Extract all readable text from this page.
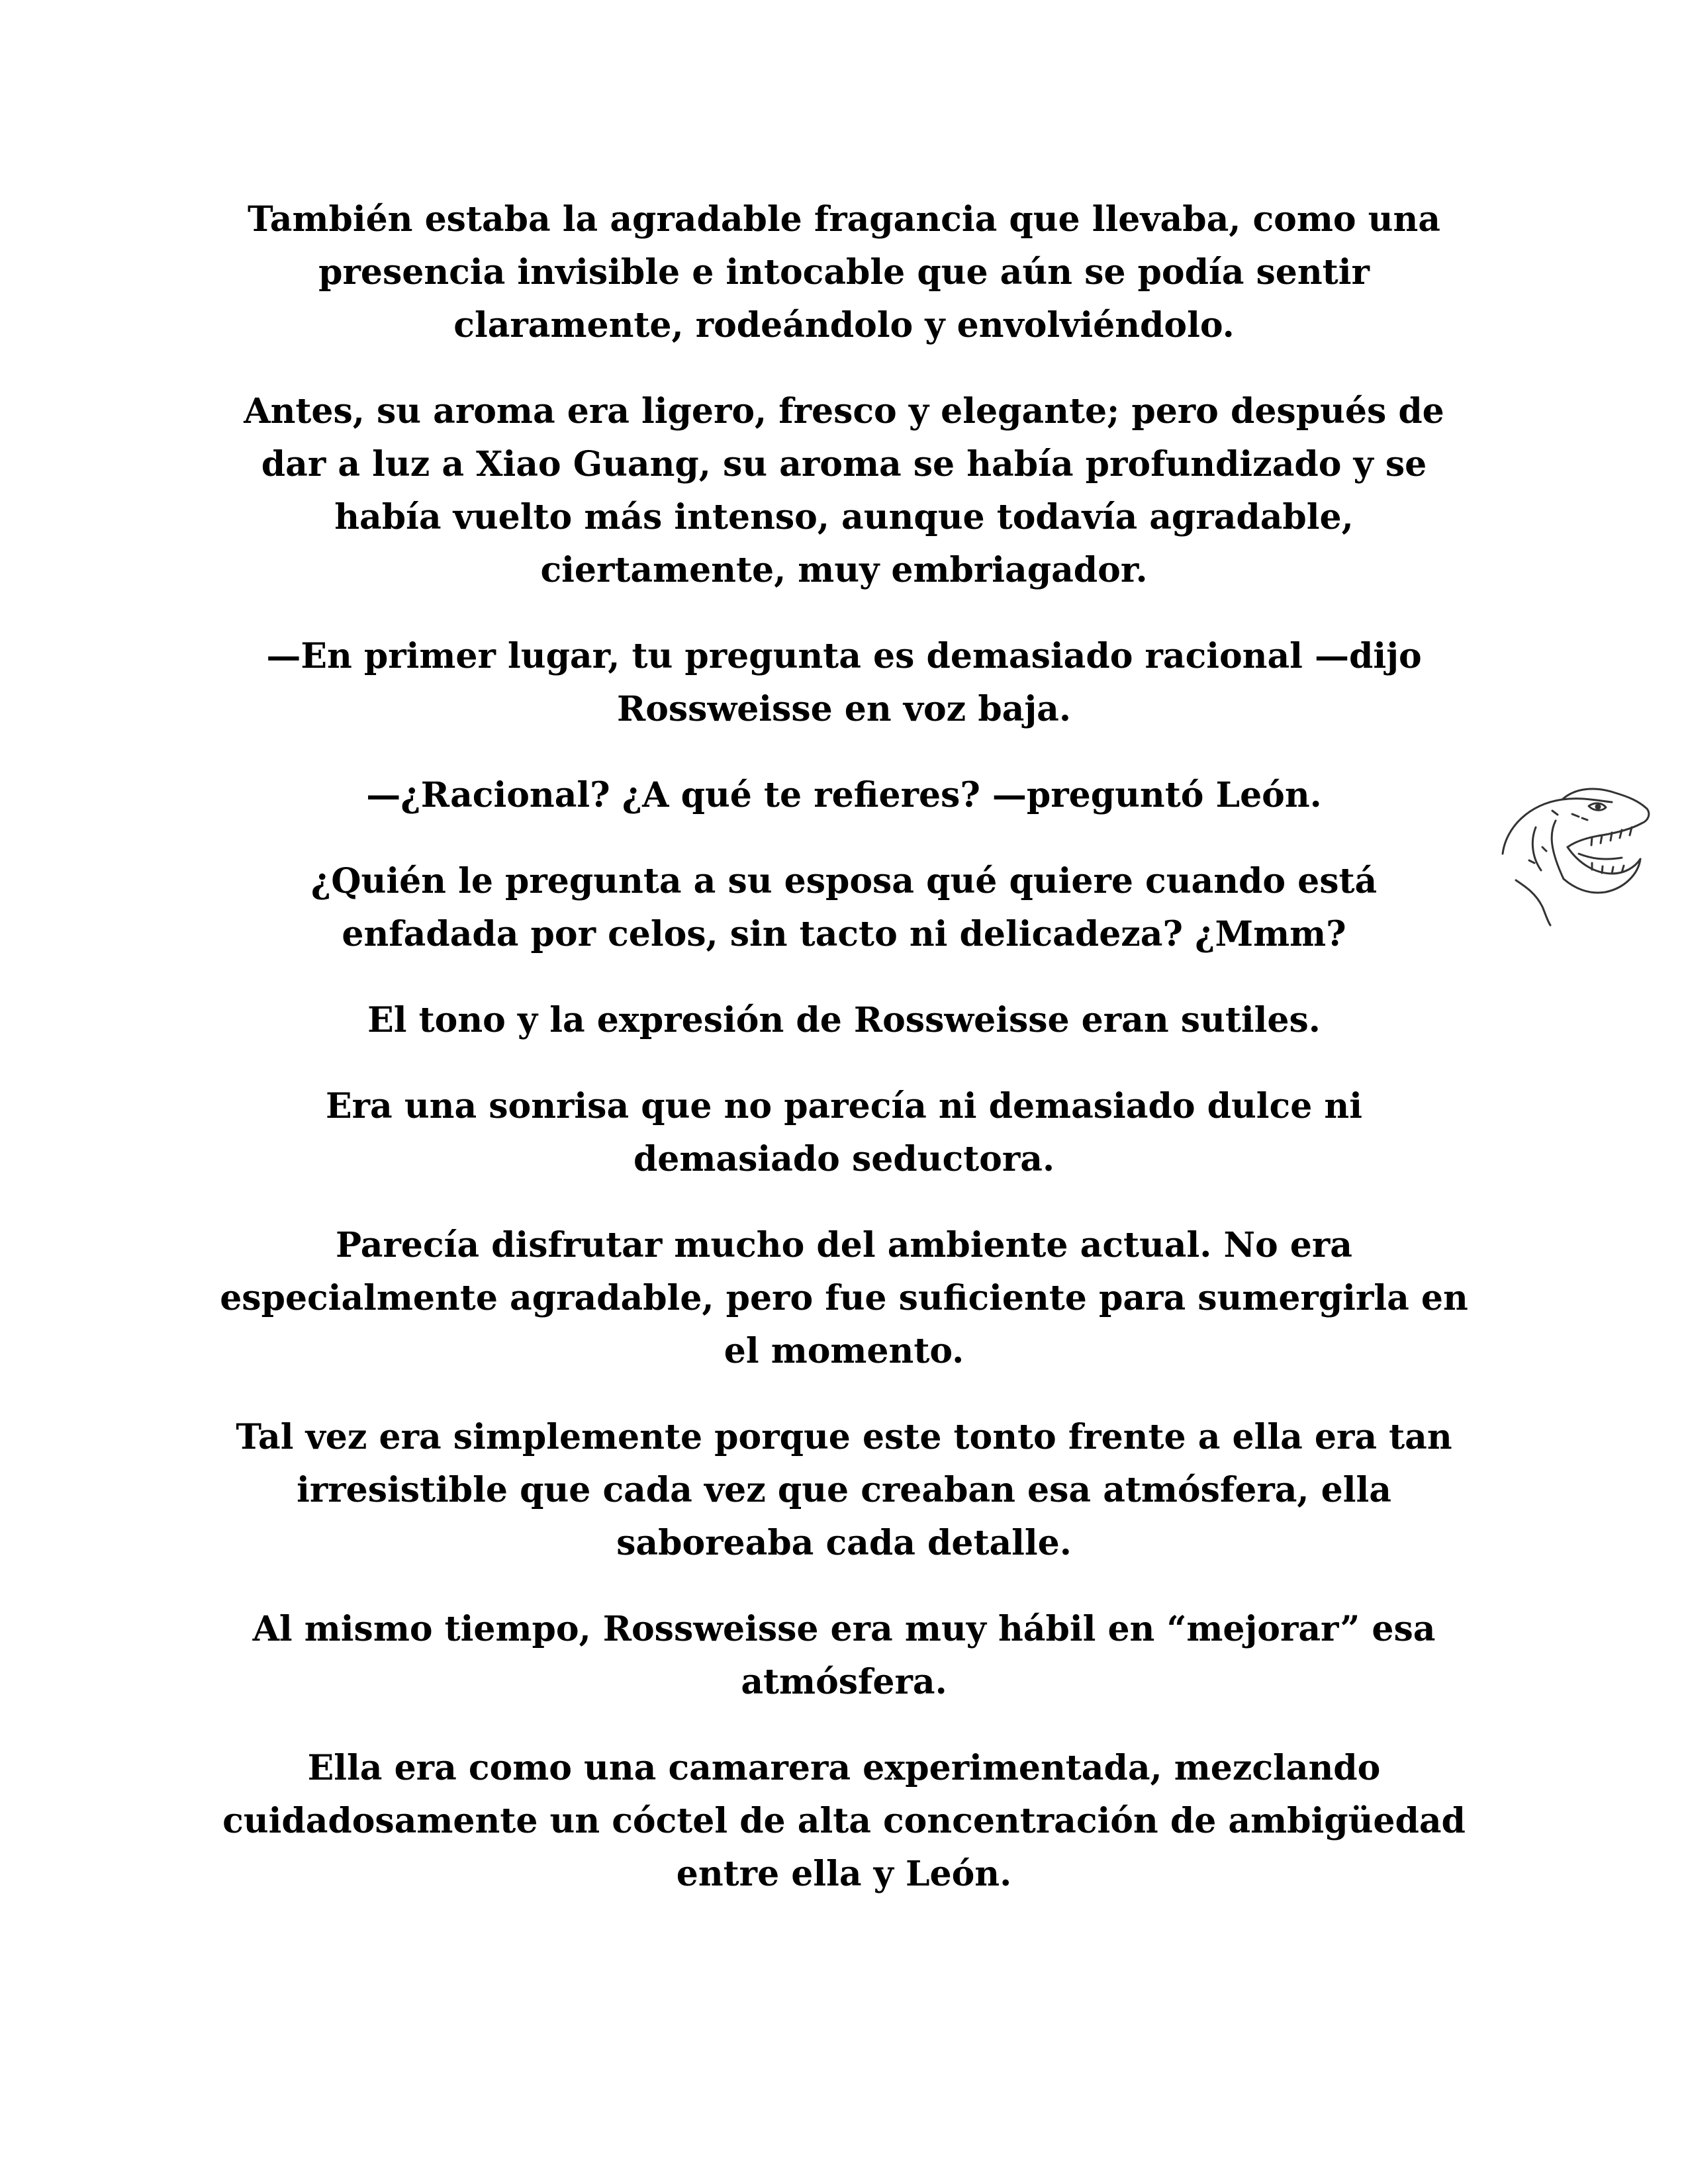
También estaba la agradable fragancia que llevaba, como una presencia invisible e intocable que aún se podía sentir claramente, rodeándolo y envolviéndolo.

Antes, su aroma era ligero, fresco y elegante; pero después de dar a luz a Xiao Guang, su aroma se había profundizado y se había vuelto más intenso, aunque todavía agradable, ciertamente, muy embriagador.

—En primer lugar, tu pregunta es demasiado racional —dijo Rossweisse en voz baja.

—¿Racional? ¿A qué te refieres? —preguntó León.

¿Quién le pregunta a su esposa qué quiere cuando está enfadada por celos, sin tacto ni delicadeza? ¿Mmm?

El tono y la expresión de Rossweisse eran sutiles.

Era una sonrisa que no parecía ni demasiado dulce ni demasiado seductora.

Parecía disfrutar mucho del ambiente actual. No era especialmente agradable, pero fue suficiente para sumergirla en el momento.

Tal vez era simplemente porque este tonto frente a ella era tan irresistible que cada vez que creaban esa atmósfera, ella saboreaba cada detalle.

Al mismo tiempo, Rossweisse era muy hábil en “mejorar” esa atmósfera.

Ella era como una camarera experimentada, mezclando cuidadosamente un cóctel de alta concentración de ambigüedad entre ella y León.
